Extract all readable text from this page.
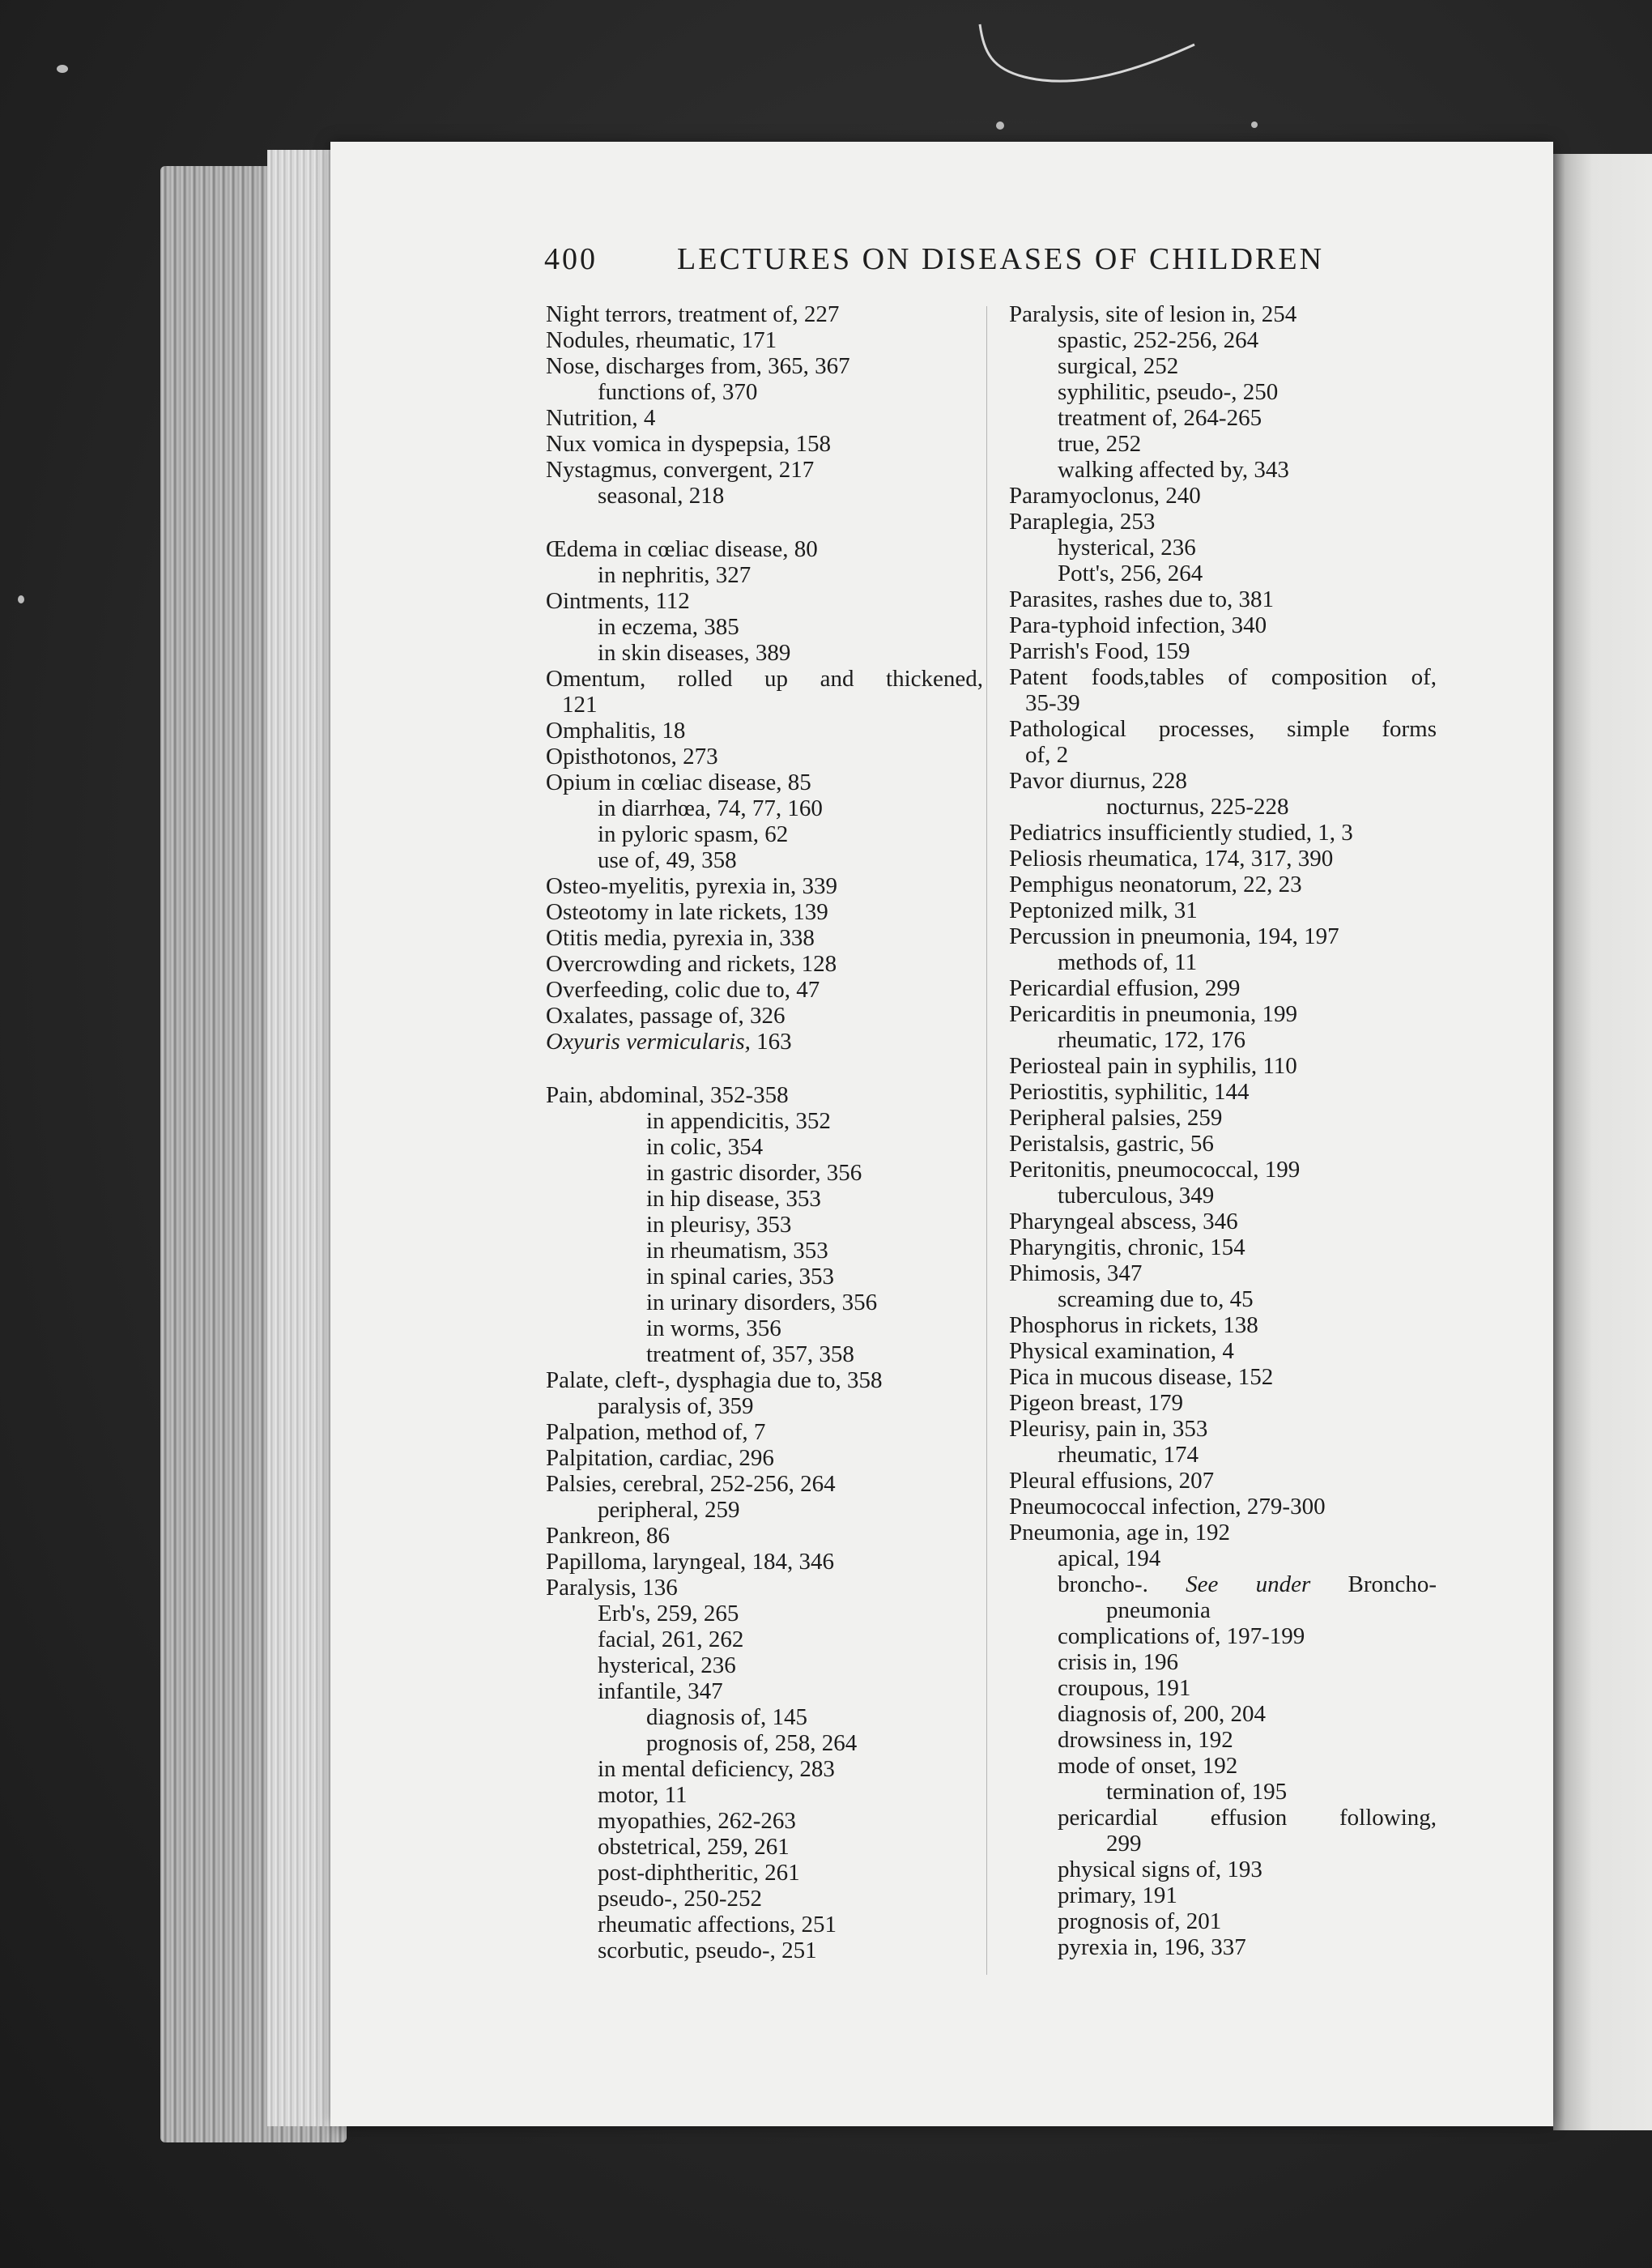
400	LECTURES ON DISEASES OF CHILDREN
Night terrors, treatment of, 227
Nodules, rheumatic, 171
Nose, discharges from, 365, 367
functions of, 370
Nutrition, 4
Nux vomica in dyspepsia, 158
Nystagmus, convergent, 217
seasonal, 218
Œdema in cœliac disease, 80
in nephritis, 327
Ointments, 112
in eczema, 385
in skin diseases, 389
Omentum, rolled up and thickened,
121
Omphalitis, 18
Opisthotonos, 273
Opium in cœliac disease, 85
in diarrhœa, 74, 77, 160
in pyloric spasm, 62
use of, 49, 358
Osteo-myelitis, pyrexia in, 339
Osteotomy in late rickets, 139
Otitis media, pyrexia in, 338
Overcrowding and rickets, 128
Overfeeding, colic due to, 47
Oxalates, passage of, 326
Oxyuris vermicularis, 163
Pain, abdominal, 352-358
in appendicitis, 352
in colic, 354
in gastric disorder, 356
in hip disease, 353
in pleurisy, 353
in rheumatism, 353
in spinal caries, 353
in urinary disorders, 356
in worms, 356
treatment of, 357, 358
Palate, cleft-, dysphagia due to, 358
paralysis of, 359
Palpation, method of, 7
Palpitation, cardiac, 296
Palsies, cerebral, 252-256, 264
peripheral, 259
Pankreon, 86
Papilloma, laryngeal, 184, 346
Paralysis, 136
Erb's, 259, 265
facial, 261, 262
hysterical, 236
infantile, 347
diagnosis of, 145
prognosis of, 258, 264
in mental deficiency, 283
motor, 11
myopathies, 262-263
obstetrical, 259, 261
post-diphtheritic, 261
pseudo-, 250-252
rheumatic affections, 251
scorbutic, pseudo-, 251
Paralysis, site of lesion in, 254
spastic, 252-256, 264
surgical, 252
syphilitic, pseudo-, 250
treatment of, 264-265
true, 252
walking affected by, 343
Paramyoclonus, 240
Paraplegia, 253
hysterical, 236
Pott's, 256, 264
Parasites, rashes due to, 381
Para-typhoid infection, 340
Parrish's Food, 159
Patent foods,tables of composition of,
35-39
Pathological processes, simple forms
of, 2
Pavor diurnus, 228
nocturnus, 225-228
Pediatrics insufficiently studied, 1, 3
Peliosis rheumatica, 174, 317, 390
Pemphigus neonatorum, 22, 23
Peptonized milk, 31
Percussion in pneumonia, 194, 197
methods of, 11
Pericardial effusion, 299
Pericarditis in pneumonia, 199
rheumatic, 172, 176
Periosteal pain in syphilis, 110
Periostitis, syphilitic, 144
Peripheral palsies, 259
Peristalsis, gastric, 56
Peritonitis, pneumococcal, 199
tuberculous, 349
Pharyngeal abscess, 346
Pharyngitis, chronic, 154
Phimosis, 347
screaming due to, 45
Phosphorus in rickets, 138
Physical examination, 4
Pica in mucous disease, 152
Pigeon breast, 179
Pleurisy, pain in, 353
rheumatic, 174
Pleural effusions, 207
Pneumococcal infection, 279-300
Pneumonia, age in, 192
apical, 194
broncho-. See under Broncho-
pneumonia
complications of, 197-199
crisis in, 196
croupous, 191
diagnosis of, 200, 204
drowsiness in, 192
mode of onset, 192
termination of, 195
pericardial effusion following,
299
physical signs of, 193
primary, 191
prognosis of, 201
pyrexia in, 196, 337
